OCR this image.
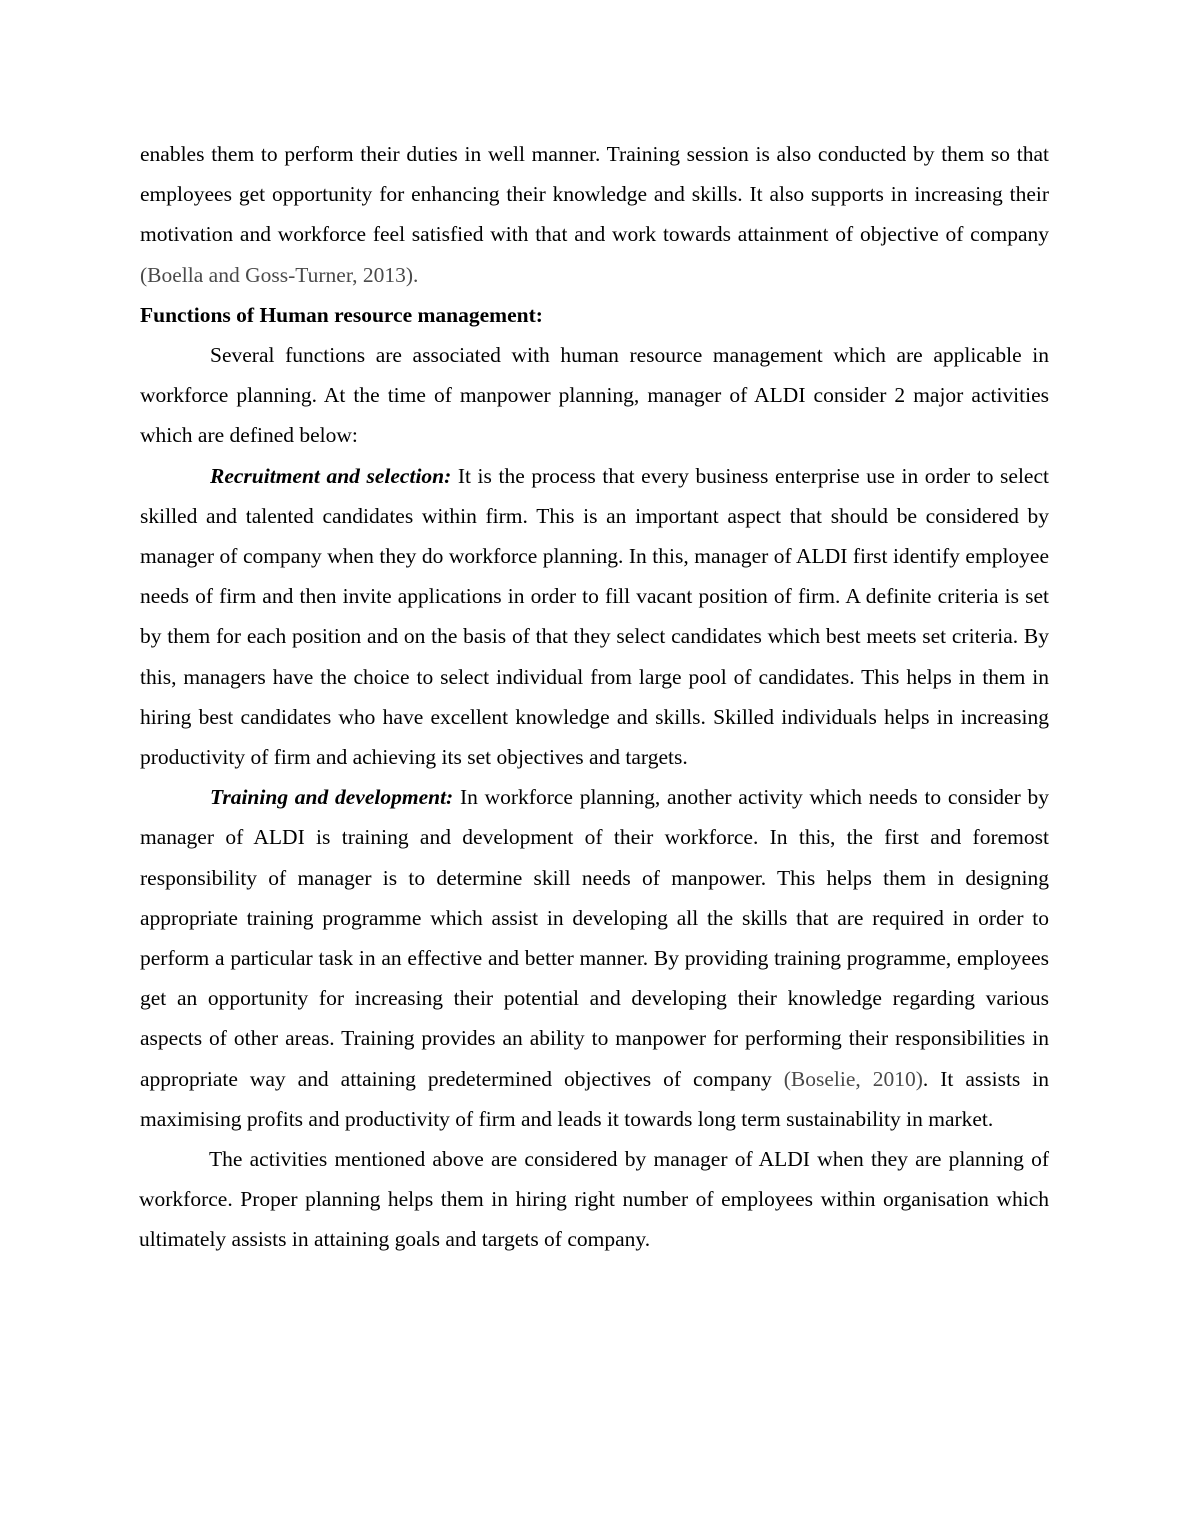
enables them to perform their duties in well manner. Training session is also conducted by them so that employees get opportunity for enhancing their knowledge and skills. It also supports in increasing their motivation and workforce feel satisfied with that and work towards attainment of objective of company (Boella and Goss-Turner, 2013).

Functions of Human resource management:

Several functions are associated with human resource management which are applicable in workforce planning. At the time of manpower planning, manager of ALDI consider 2 major activities which are defined below:

Recruitment and selection: It is the process that every business enterprise use in order to select skilled and talented candidates within firm. This is an important aspect that should be considered by manager of company when they do workforce planning. In this, manager of ALDI first identify employee needs of firm and then invite applications in order to fill vacant position of firm. A definite criteria is set by them for each position and on the basis of that they select candidates which best meets set criteria. By this, managers have the choice to select individual from large pool of candidates. This helps in them in hiring best candidates who have excellent knowledge and skills. Skilled individuals helps in increasing productivity of firm and achieving its set objectives and targets.

Training and development: In workforce planning, another activity which needs to consider by manager of ALDI is training and development of their workforce. In this, the first and foremost responsibility of manager is to determine skill needs of manpower. This helps them in designing appropriate training programme which assist in developing all the skills that are required in order to perform a particular task in an effective and better manner. By providing training programme, employees get an opportunity for increasing their potential and developing their knowledge regarding various aspects of other areas. Training provides an ability to manpower for performing their responsibilities in appropriate way and attaining predetermined objectives of company (Boselie, 2010). It assists in maximising profits and productivity of firm and leads it towards long term sustainability in market.

The activities mentioned above are considered by manager of ALDI when they are planning of workforce. Proper planning helps them in hiring right number of employees within organisation which ultimately assists in attaining goals and targets of company.
